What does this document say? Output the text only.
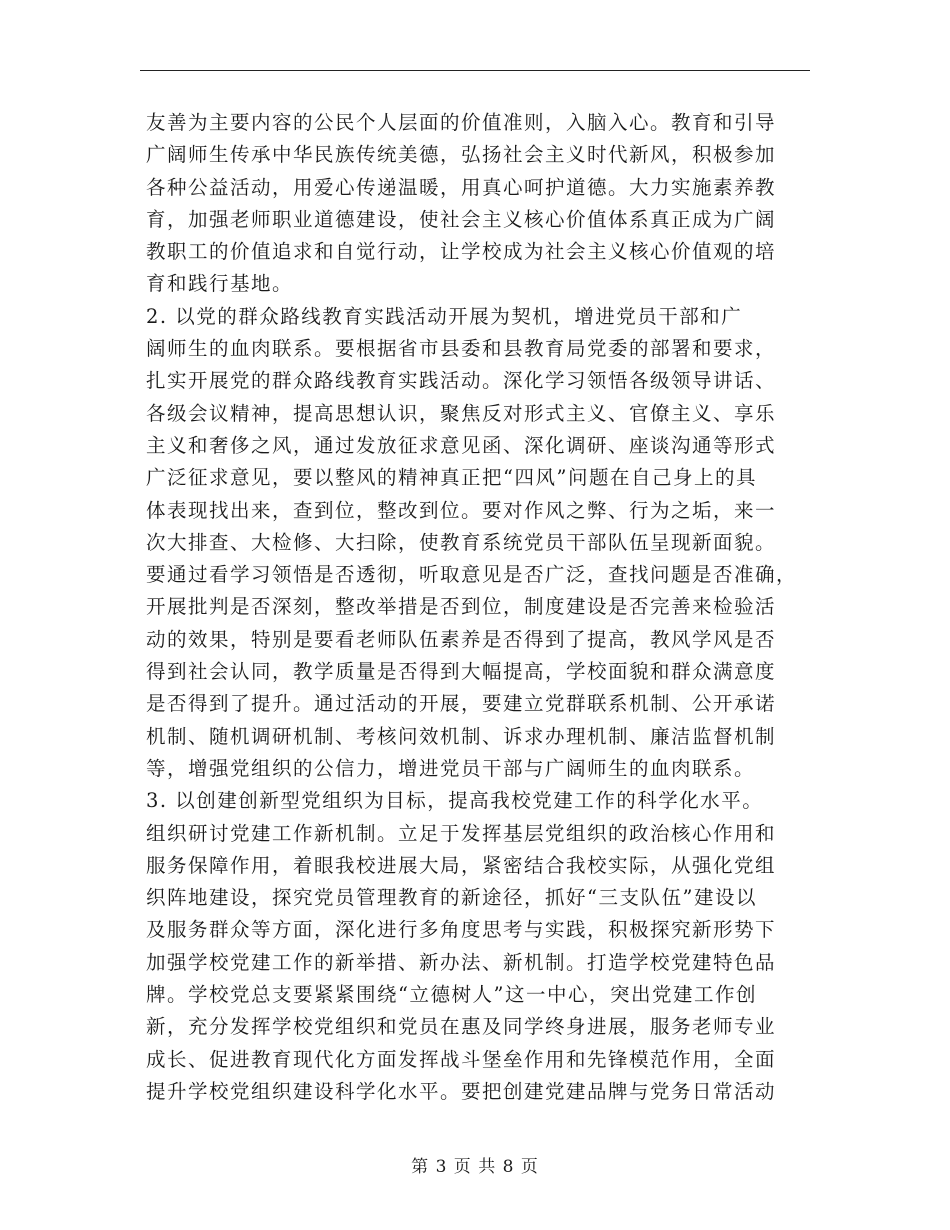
友善为主要内容的公民个人层面的价值准则，入脑入心。教育和引导
广阔师生传承中华民族传统美德，弘扬社会主义时代新风，积极参加
各种公益活动，用爱心传递温暖，用真心呵护道德。大力实施素养教
育，加强老师职业道德建设，使社会主义核心价值体系真正成为广阔
教职工的价值追求和自觉行动，让学校成为社会主义核心价值观的培
育和践行基地。
2. 以党的群众路线教育实践活动开展为契机，增进党员干部和广
阔师生的血肉联系。要根据省市县委和县教育局党委的部署和要求，
扎实开展党的群众路线教育实践活动。深化学习领悟各级领导讲话、
各级会议精神，提高思想认识，聚焦反对形式主义、官僚主义、享乐
主义和奢侈之风，通过发放征求意见函、深化调研、座谈沟通等形式
广泛征求意见，要以整风的精神真正把“四风”问题在自己身上的具
体表现找出来，查到位，整改到位。要对作风之弊、行为之垢，来一
次大排查、大检修、大扫除，使教育系统党员干部队伍呈现新面貌。
要通过看学习领悟是否透彻，听取意见是否广泛，查找问题是否准确，
开展批判是否深刻，整改举措是否到位，制度建设是否完善来检验活
动的效果，特别是要看老师队伍素养是否得到了提高，教风学风是否
得到社会认同，教学质量是否得到大幅提高，学校面貌和群众满意度
是否得到了提升。通过活动的开展，要建立党群联系机制、公开承诺
机制、随机调研机制、考核问效机制、诉求办理机制、廉洁监督机制
等，增强党组织的公信力，增进党员干部与广阔师生的血肉联系。
3. 以创建创新型党组织为目标，提高我校党建工作的科学化水平。
组织研讨党建工作新机制。立足于发挥基层党组织的政治核心作用和
服务保障作用，着眼我校进展大局，紧密结合我校实际，从强化党组
织阵地建设，探究党员管理教育的新途径，抓好“三支队伍”建设以
及服务群众等方面，深化进行多角度思考与实践，积极探究新形势下
加强学校党建工作的新举措、新办法、新机制。打造学校党建特色品
牌。学校党总支要紧紧围绕“立德树人”这一中心，突出党建工作创
新，充分发挥学校党组织和党员在惠及同学终身进展，服务老师专业
成长、促进教育现代化方面发挥战斗堡垒作用和先锋模范作用，全面
提升学校党组织建设科学化水平。要把创建党建品牌与党务日常活动
第 3 页 共 8 页
